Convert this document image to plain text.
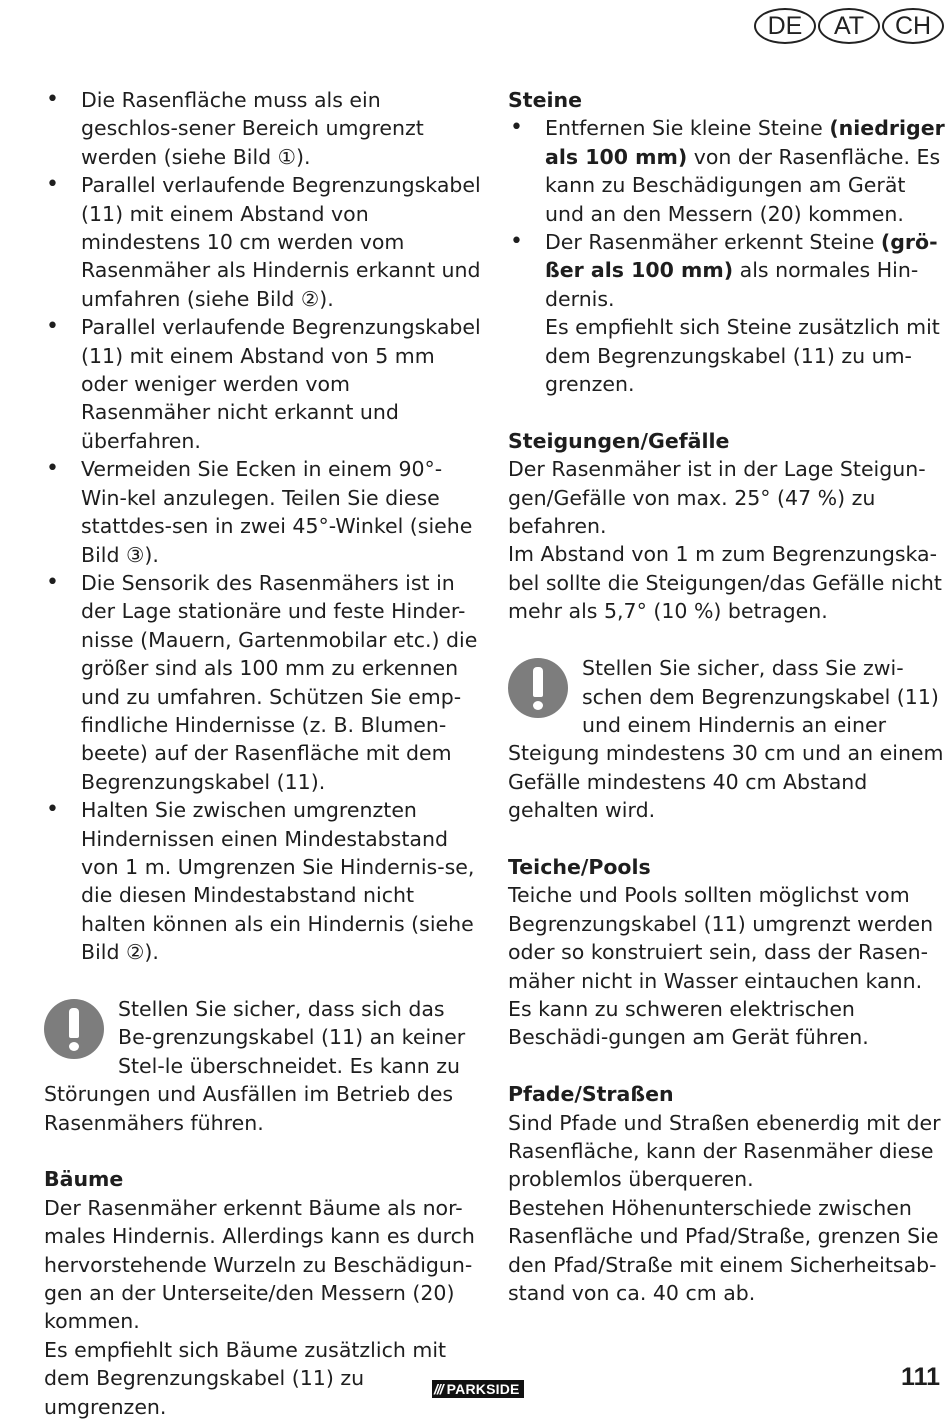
DE	AT	CH
• Die Rasenfläche muss als ein geschlos-sener Bereich umgrenzt werden (siehe Bild ①).
• Parallel verlaufende Begrenzungskabel (11) mit einem Abstand von mindestens 10 cm werden vom Rasenmäher als Hindernis erkannt und umfahren (siehe Bild ②).
• Parallel verlaufende Begrenzungskabel (11) mit einem Abstand von 5 mm oder weniger werden vom Rasenmäher nicht erkannt und überfahren.
• Vermeiden Sie Ecken in einem 90°-Win-kel anzulegen. Teilen Sie diese stattdes-sen in zwei 45°-Winkel (siehe Bild ③).
• Die Sensorik des Rasenmähers ist in der Lage stationäre und feste Hinder-nisse (Mauern, Gartenmobilar etc.) die größer sind als 100 mm zu erkennen und zu umfahren. Schützen Sie emp-findliche Hindernisse (z. B. Blumen-beete) auf der Rasenfläche mit dem Begrenzungskabel (11).
• Halten Sie zwischen umgrenzten Hindernissen einen Mindestabstand von 1 m. Umgrenzen Sie Hindernis-se, die diesen Mindestabstand nicht halten können als ein Hindernis (siehe Bild ②).

Stellen Sie sicher, dass sich das Be-grenzungskabel (11) an keiner Stel-le überschneidet. Es kann zu Störungen und Ausfällen im Betrieb des Rasenmähers führen.

Bäume

Der Rasenmäher erkennt Bäume als nor-males Hindernis. Allerdings kann es durch hervorstehende Wurzeln zu Beschädigun-gen an der Unterseite/den Messern (20) kommen.

Es empfiehlt sich Bäume zusätzlich mit dem Begrenzungskabel (11) zu umgrenzen.

Steine

• Entfernen Sie kleine Steine (niedriger als 100 mm) von der Rasenfläche. Es kann zu Beschädigungen am Gerät und an den Messern (20) kommen.
• Der Rasenmäher erkennt Steine (grö-ßer als 100 mm) als normales Hin-dernis.
Es empfiehlt sich Steine zusätzlich mit dem Begrenzungskabel (11) zu um-grenzen.

Steigungen/Gefälle

Der Rasenmäher ist in der Lage Steigun-gen/Gefälle von max. 25° (47 %) zu befahren.

Im Abstand von 1 m zum Begrenzungska-bel sollte die Steigungen/das Gefälle nicht mehr als 5,7° (10 %) betragen.

Stellen Sie sicher, dass Sie zwi-schen dem Begrenzungskabel (11) und einem Hindernis an einer Steigung mindestens 30 cm und an einem Gefälle mindestens 40 cm Abstand gehalten wird.

Teiche/Pools

Teiche und Pools sollten möglichst vom Begrenzungskabel (11) umgrenzt werden oder so konstruiert sein, dass der Rasen-mäher nicht in Wasser eintauchen kann. Es kann zu schweren elektrischen Beschädi-gungen am Gerät führen.

Pfade/Straßen

Sind Pfade und Straßen ebenerdig mit der Rasenfläche, kann der Rasenmäher diese problemlos überqueren.

Bestehen Höhenunterschiede zwischen Rasenfläche und Pfad/Straße, grenzen Sie den Pfad/Straße mit einem Sicherheitsab-stand von ca. 40 cm ab.

/// PARKSIDE	111
